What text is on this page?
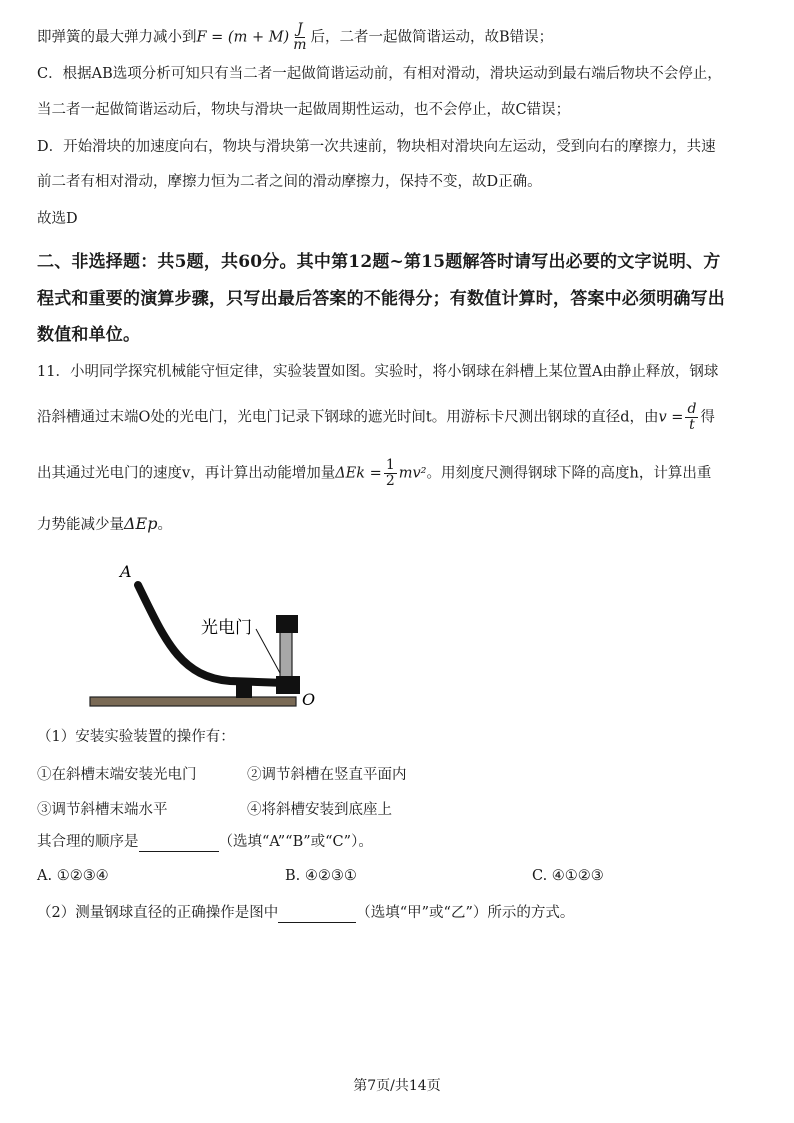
即弹簧的最大弹力减小到$F = (m + M) \frac{J}{m}$ 后，二者一起做简谐运动，故B错误；
C．根据AB选项分析可知只有当二者一起做简谐运动前，有相对滑动，滑块运动到最右端后物块不会停止，
当二者一起做简谐运动后，物块与滑块一起做周期性运动，也不会停止，故C错误；
D．开始滑块的加速度向右，物块与滑块第一次共速前，物块相对滑块向左运动，受到向右的摩擦力，共速
前二者有相对滑动，摩擦力恒为二者之间的滑动摩擦力，保持不变，故D正确。
故选D
二、非选择题：共5题，共60分。其中第12题~第15题解答时请写出必要的文字说明、方
程式和重要的演算步骤，只写出最后答案的不能得分；有数值计算时，答案中必须明确写出
数值和单位。
11．小明同学探究机械能守恒定律，实验装置如图。实验时，将小钢球在斜槽上某位置A由静止释放，钢球
沿斜槽通过末端O处的光电门，光电门记录下钢球的遮光时间t。用游标卡尺测出钢球的直径d，由$v = \frac{d}{t}$ 得
出其通过光电门的速度v，再计算出动能增加量$\Delta Ek = \frac{1}{2} mv^2$。用刻度尺测得钢球下降的高度h，计算出重
力势能减少量ΔEp。
A
光电门
O
（1）安装实验装置的操作有：
①在斜槽末端安装光电门	②调节斜槽在竖直平面内
③调节斜槽末端水平	④将斜槽安装到底座上
其合理的顺序是	（选填“A”“B”或“C”）。
A. ①②③④	B. ④②③①	C. ④①②③
（2）测量钢球直径的正确操作是图中	（选填“甲”或“乙”）所示的方式。
第7页/共14页
